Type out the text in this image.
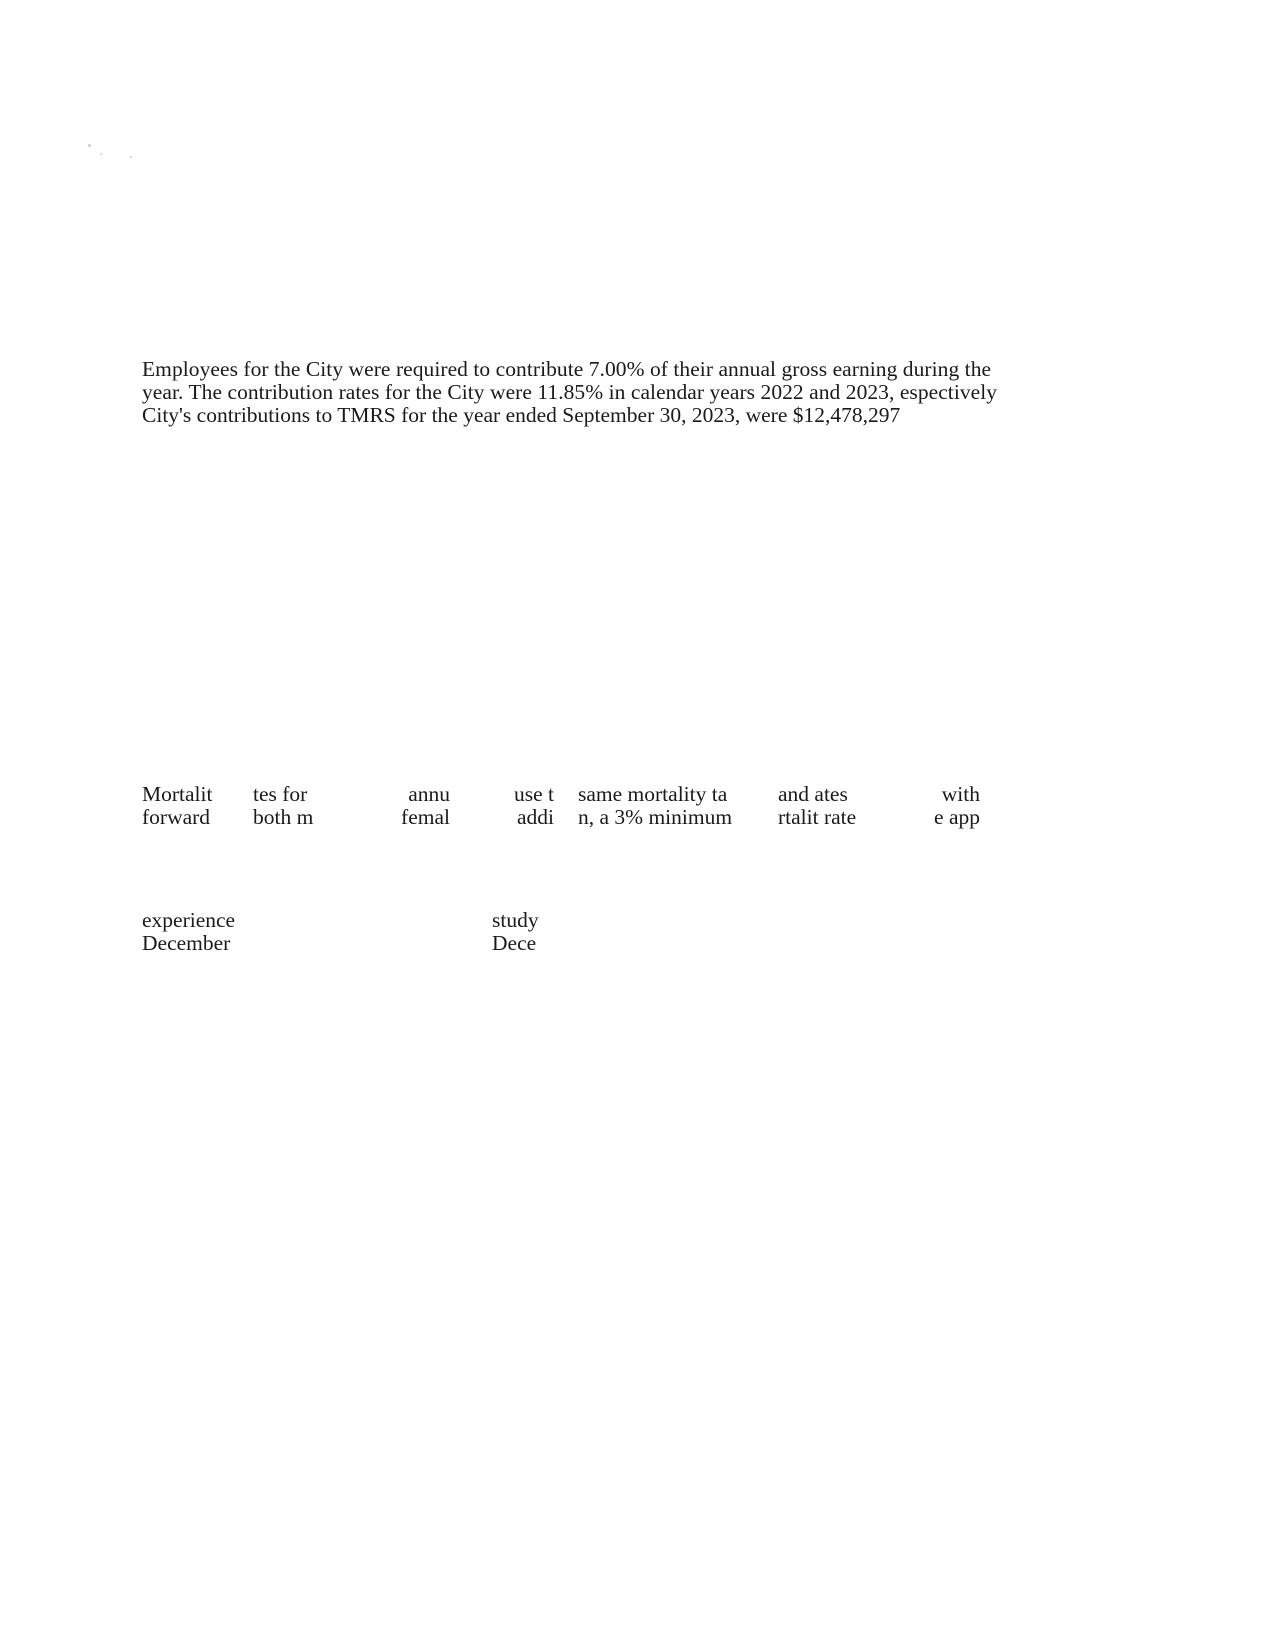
Employees for the City were required to contribute 7.00% of their annual gross earning during the
year. The contribution rates for the City were 11.85% in calendar years 2022 and 2023, espectively
City's contributions to TMRS for the year ended September 30, 2023, were $12,478,297
Mortalit
forward
tes for
both m
annu
femal
use t
addi
same mortality ta
n, a 3% minimum
and ates
rtalit rate
with
e app
experience
December
study
Dece
